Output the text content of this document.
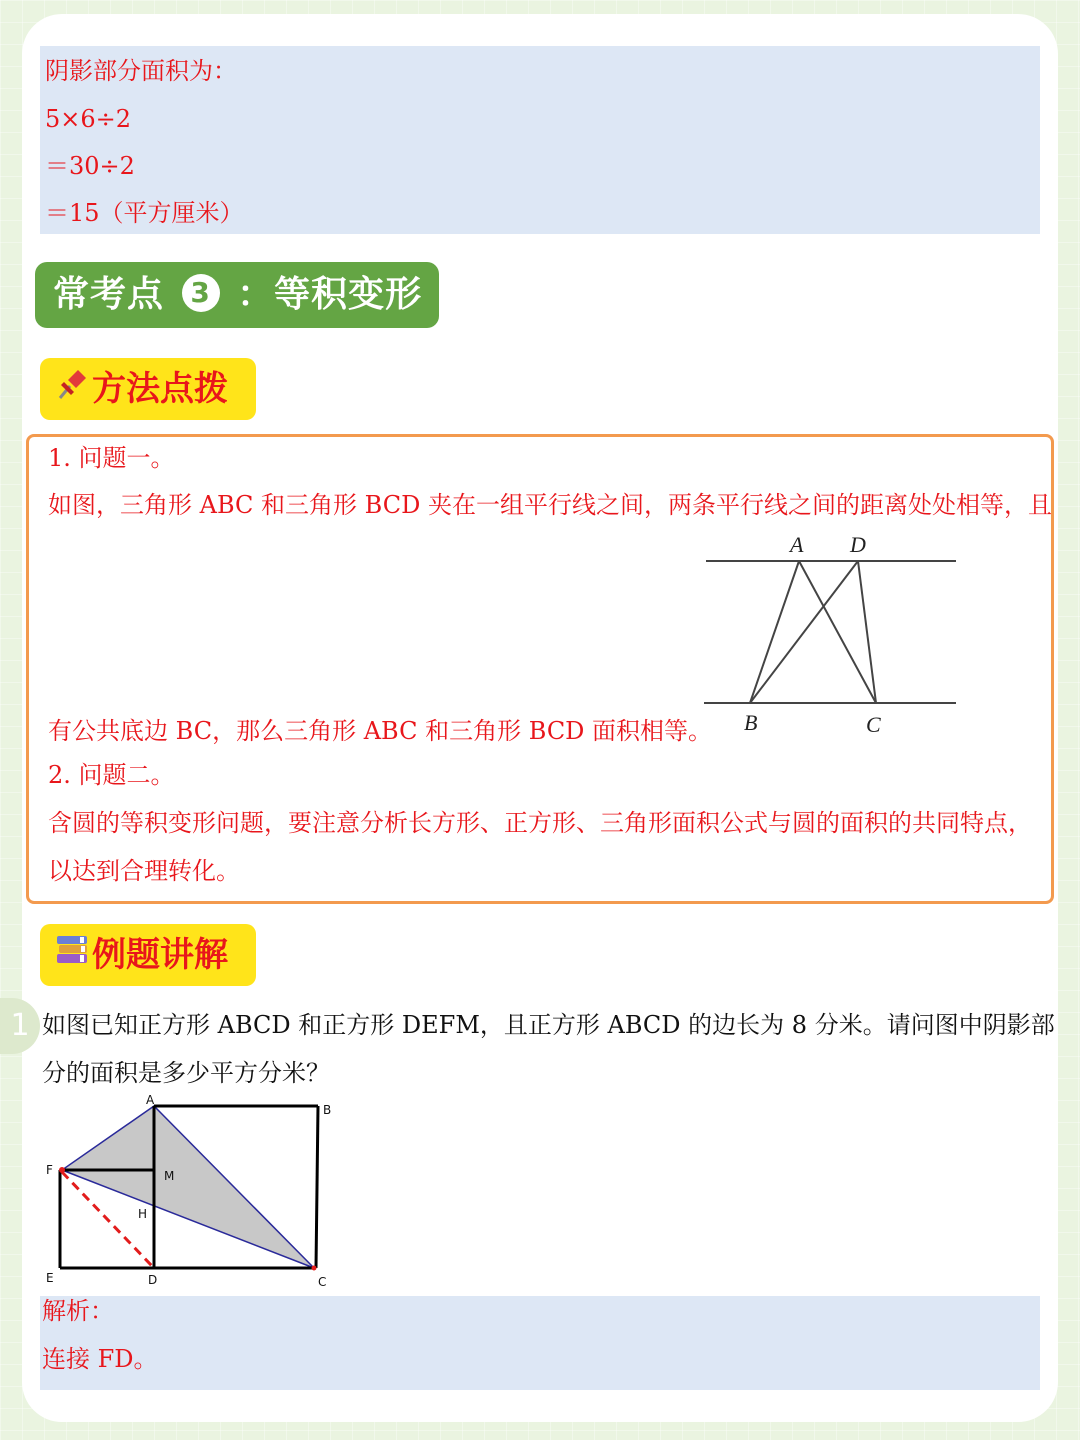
阴影部分面积为：
5×6÷2
＝30÷2
＝15（平方厘米）
常考点 3 ：等积变形
方法点拨
1. 问题一。
如图，三角形 ABC 和三角形 BCD 夹在一组平行线之间，两条平行线之间的距离处处相等，且
有公共底边 BC，那么三角形 ABC 和三角形 BCD 面积相等。
2. 问题二。
含圆的等积变形问题，要注意分析长方形、正方形、三角形面积公式与圆的面积的共同特点，
以达到合理转化。
A D
B	C
例题讲解
1 如图已知正方形 ABCD 和正方形 DEFM，且正方形 ABCD 的边长为 8 分米。请问图中阴影部
分的面积是多少平方分米？
A
B
F	M
H
E	D	C
解析：
连接 FD。
